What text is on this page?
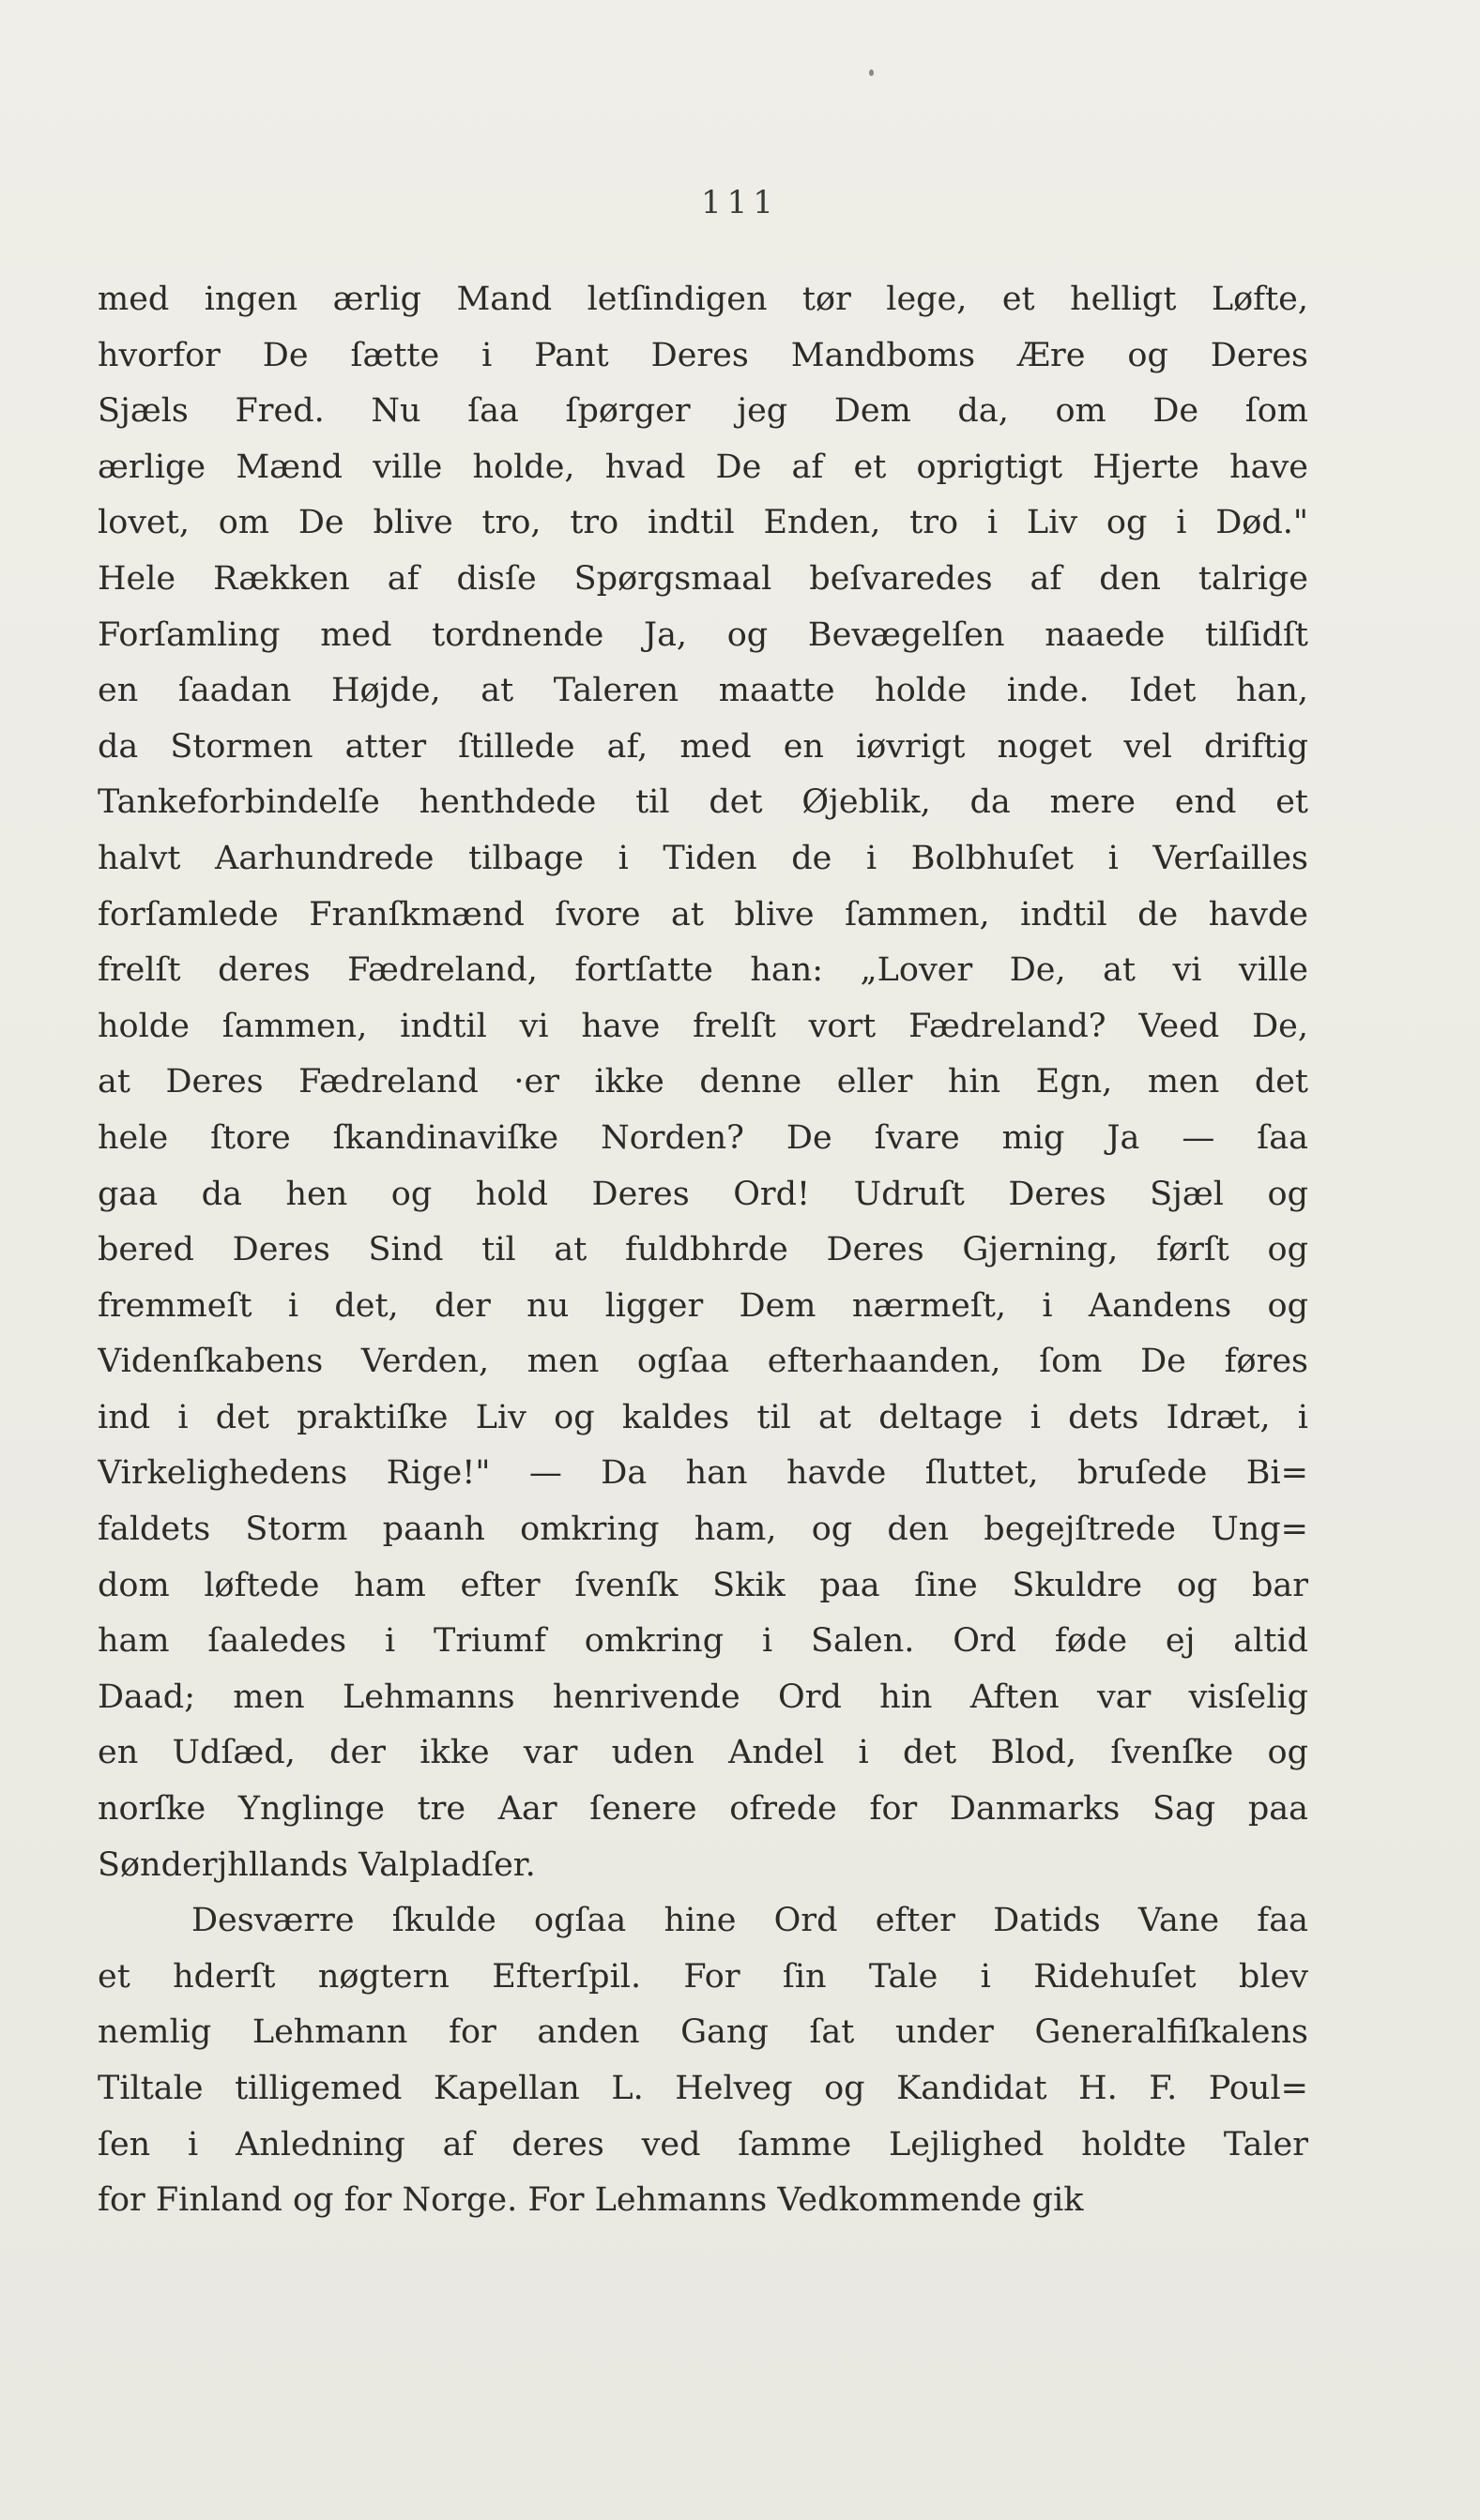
111
med ingen ærlig Mand letſindigen tør lege, et helligt Løfte,
hvorfor De ſætte i Pant Deres Mandboms Ære og Deres
Sjæls Fred. Nu ſaa ſpørger jeg Dem da, om De ſom
ærlige Mænd ville holde, hvad De af et oprigtigt Hjerte have
lovet, om De blive tro, tro indtil Enden, tro i Liv og i Død."
Hele Rækken af disſe Spørgsmaal beſvaredes af den talrige
Forſamling med tordnende Ja, og Bevægelſen naaede tilſidſt
en ſaadan Højde, at Taleren maatte holde inde. Idet han,
da Stormen atter ſtilledе af, med en iøvrigt noget vel driftig
Tankeforbindelſe henthdede til det Øjeblik, da mere end et
halvt Aarhundrede tilbage i Tiden de i Bolbhuſet i Verſailles
forſamlede Franſkmænd ſvore at blive ſammen, indtil de havde
frelſt deres Fædreland, fortſatte han: „Lover De, at vi ville
holde ſammen, indtil vi have frelſt vort Fædreland? Veed De,
at Deres Fædreland ·er ikke denne eller hin Egn, men det
hele ſtore ſkandinaviſke Norden? De ſvare mig Ja — ſaa
gaa da hen og hold Deres Ord! Udruſt Deres Sjæl og
bered Deres Sind til at fuldbhrde Deres Gjerning, førſt og
fremmeſt i det, der nu ligger Dem nærmeſt, i Aandens og
Videnſkabens Verden, men ogſaa efterhaanden, ſom De føres
ind i det praktiſke Liv og kaldes til at deltage i dets Idræt, i
Virkelighedens Rige!" — Da han havde ſluttet, bruſede Bi=
faldets Storm paanh omkring ham, og den begejſtrede Ung=
dom løftede ham efter ſvenſk Skik paa ſine Skuldre og bar
ham ſaaledes i Triumf omkring i Salen. Ord føde ej altid
Daad; men Lehmanns henrivende Ord hin Aften var visſelig
en Udſæd, der ikke var uden Andel i det Blod, ſvenſke og
norſke Ynglinge tre Aar ſenere ofrede for Danmarks Sag paa
Sønderjhllands Valpladſer.
Desværre ſkulde ogſaa hine Ord efter Datids Vane faa
et hderſt nøgtern Efterſpil. For ſin Tale i Ridehuſet blev
nemlig Lehmann for anden Gang ſat under Generalfiſkalens
Tiltale tilligemed Kapellan L. Helveg og Kandidat H. F. Poul=
ſen i Anledning af deres ved ſamme Lejlighed holdte Taler
for Finland og for Norge. For Lehmanns Vedkommende gik
